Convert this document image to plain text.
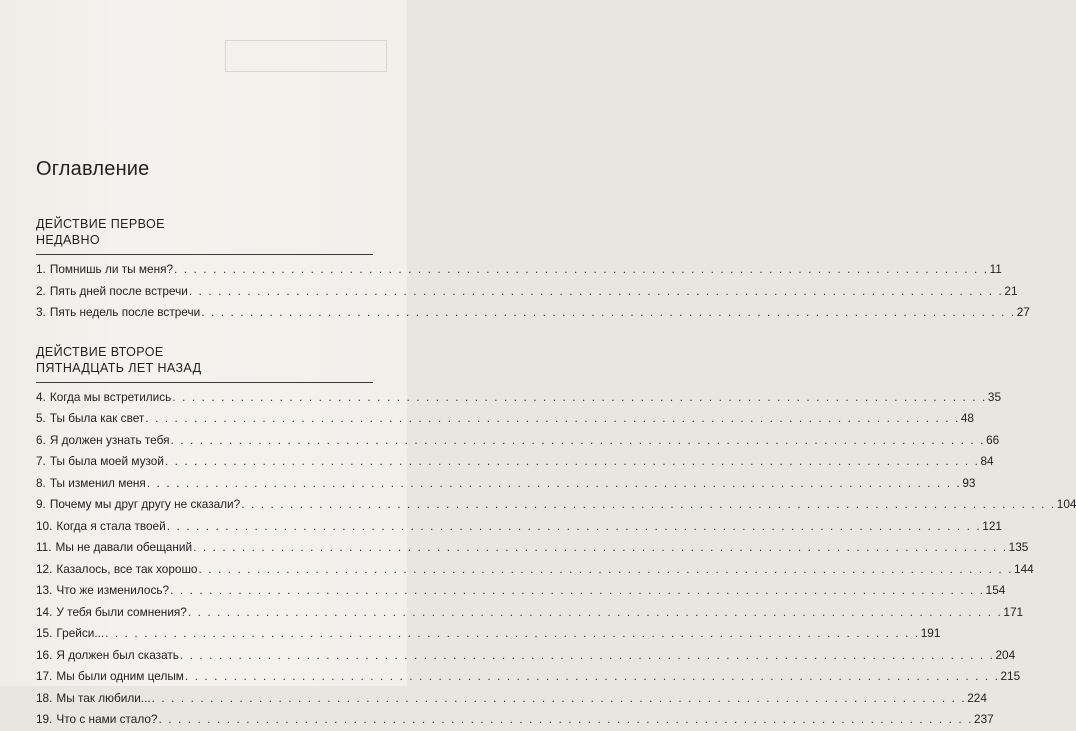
Оглавление
ДЕЙСТВИЕ ПЕРВОЕ
НЕДАВНО
1. Помнишь ли ты меня? . . .	11
2. Пять дней после встречи . . .	21
3. Пять недель после встречи . . .	27
ДЕЙСТВИЕ ВТОРОЕ
ПЯТНАДЦАТЬ ЛЕТ НАЗАД
4. Когда мы встретились . . .	35
5. Ты была как свет . . .	48
6. Я должен узнать тебя . . .	66
7. Ты была моей музой . . .	84
8. Ты изменил меня . . .	93
9. Почему мы друг другу не сказали? . . .	104
10. Когда я стала твоей . . .	121
11. Мы не давали обещаний . . .	135
12. Казалось, все так хорошо . . .	144
13. Что же изменилось? . . .	154
14. У тебя были сомнения? . . .	171
15. Грейси... . . .	191
16. Я должен был сказать . . .	204
17. Мы были одним целым . . .	215
18. Мы так любили... . . .	224
19. Что с нами стало? . . .	237
